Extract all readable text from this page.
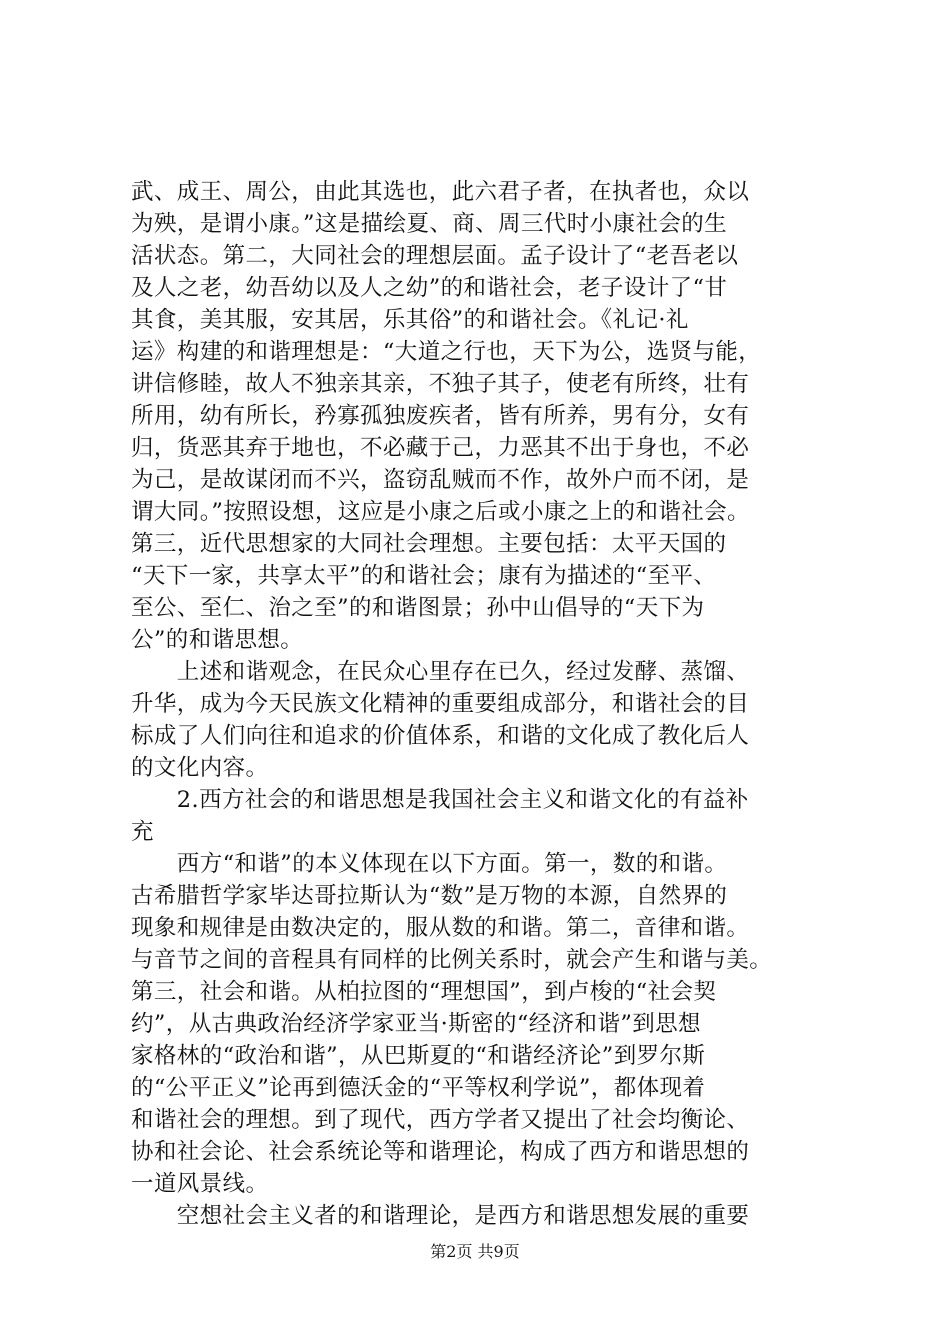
武、成王、周公，由此其选也，此六君子者，在执者也，众以
为殃，是谓小康。”这是描绘夏、商、周三代时小康社会的生
活状态。第二，大同社会的理想层面。孟子设计了“老吾老以
及人之老，幼吾幼以及人之幼”的和谐社会，老子设计了“甘
其食，美其服，安其居，乐其俗”的和谐社会。《礼记·礼
运》构建的和谐理想是：“大道之行也，天下为公，选贤与能，
讲信修睦，故人不独亲其亲，不独子其子，使老有所终，壮有
所用，幼有所长，矜寡孤独废疾者，皆有所养，男有分，女有
归，货恶其弃于地也，不必藏于己，力恶其不出于身也，不必
为己，是故谋闭而不兴，盗窃乱贼而不作，故外户而不闭，是
谓大同。”按照设想，这应是小康之后或小康之上的和谐社会。
第三，近代思想家的大同社会理想。主要包括：太平天国的
“天下一家，共享太平”的和谐社会；康有为描述的“至平、
至公、至仁、治之至”的和谐图景；孙中山倡导的“天下为
公”的和谐思想。
　　上述和谐观念，在民众心里存在已久，经过发酵、蒸馏、
升华，成为今天民族文化精神的重要组成部分，和谐社会的目
标成了人们向往和追求的价值体系，和谐的文化成了教化后人
的文化内容。
　　2.西方社会的和谐思想是我国社会主义和谐文化的有益补
充
　　西方“和谐”的本义体现在以下方面。第一，数的和谐。
古希腊哲学家毕达哥拉斯认为“数”是万物的本源，自然界的
现象和规律是由数决定的，服从数的和谐。第二，音律和谐。
与音节之间的音程具有同样的比例关系时，就会产生和谐与美。
第三，社会和谐。从柏拉图的“理想国”，到卢梭的“社会契
约”，从古典政治经济学家亚当·斯密的“经济和谐”到思想
家格林的“政治和谐”，从巴斯夏的“和谐经济论”到罗尔斯
的“公平正义”论再到德沃金的“平等权利学说”，都体现着
和谐社会的理想。到了现代，西方学者又提出了社会均衡论、
协和社会论、社会系统论等和谐理论，构成了西方和谐思想的
一道风景线。
　　空想社会主义者的和谐理论，是西方和谐思想发展的重要
第2页 共9页
